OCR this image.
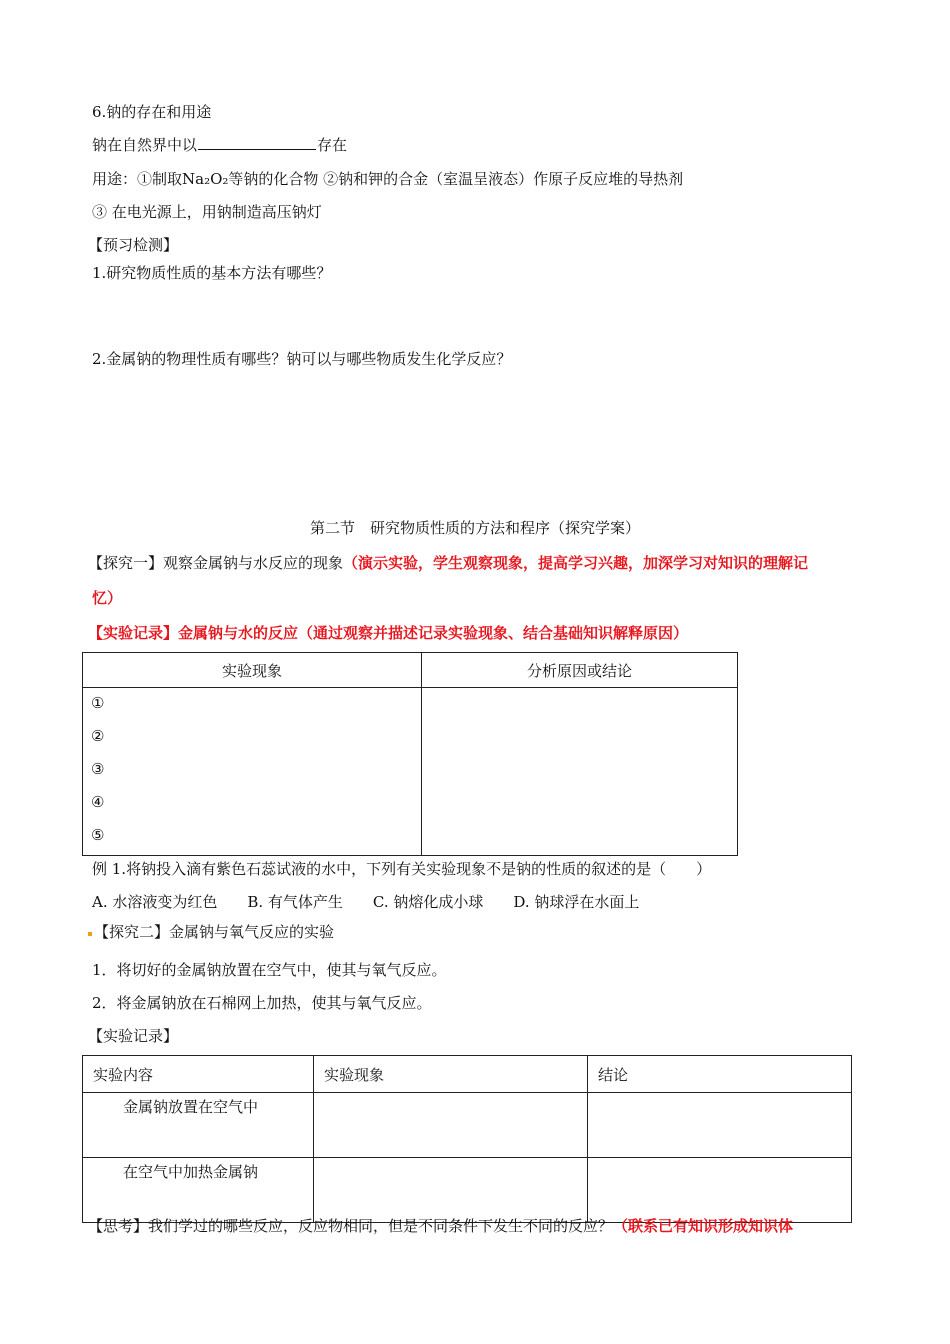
6.钠的存在和用途
钠在自然界中以	存在
用途：①制取Na₂O₂等钠的化合物 ②钠和钾的合金（室温呈液态）作原子反应堆的导热剂
③ 在电光源上，用钠制造高压钠灯
【预习检测】
1.研究物质性质的基本方法有哪些？
2.金属钠的物理性质有哪些？钠可以与哪些物质发生化学反应？
第二节　研究物质性质的方法和程序（探究学案）
【探究一】观察金属钠与水反应的现象（演示实验，学生观察现象，提高学习兴趣，加深学习对知识的理解记
忆）
【实验记录】金属钠与水的反应（通过观察并描述记录实验现象、结合基础知识解释原因）
实验现象	分析原因或结论

①
②
③
④
⑤	

例 1.将钠投入滴有紫色石蕊试液的水中，下列有关实验现象不是钠的性质的叙述的是（　　）
A. 水溶液变为红色　　B. 有气体产生　　C. 钠熔化成小球　　D. 钠球浮在水面上
【探究二】金属钠与氧气反应的实验
1．将切好的金属钠放置在空气中，使其与氧气反应。
2．将金属钠放在石棉网上加热，使其与氧气反应。
【实验记录】
实验内容	实验现象	结论
金属钠放置在空气中		
在空气中加热金属钠		
【思考】我们学过的哪些反应，反应物相同，但是不同条件下发生不同的反应？（联系已有知识形成知识体
